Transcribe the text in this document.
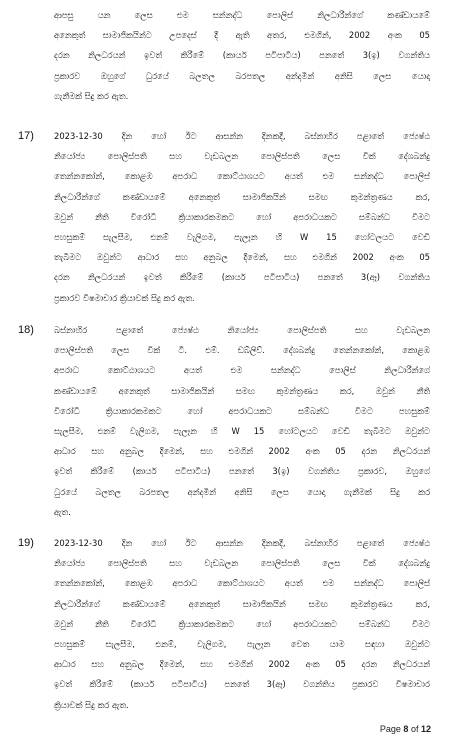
ආපසු යන ලෙස එම සන්නද්ධ පොලිස් නිලධාරීන්ගේ කණ්ඩායමේ
අනෙකුත් සාමාජිකයින්ට උපදෙස් දී ඇති අතර, එමගින්, 2002 අංක 05
දරන නිලධරයන් ඉවත් කිරීමේ (කාර්ය පටිපාටිය) පනතේ 3(ඉ) වගන්තිය
ප්‍රකාරව ඔහුගේ ධුරයේ බලතල බරපතල අන්දමින් අනිසි ලෙස යොදා
ගැනීමක් සිදු කර ඇත.
17) 2023-12-30 දින හෝ ඊට ආසන්න දිනකදී, බස්නාහිර පළාතේ ජ්‍යෙෂ්ඨ
නියෝජ්‍ය පොලිස්පති සහ වැඩබලන පොලිස්පති ලෙස වික් දේශබන්දු
තෙන්නකෝන්, කොළඹ අපරාධ කොට්ඨාශයට අයත් එම සන්නද්ධ පොලිස්
නිලධාරීන්ගේ කණ්ඩායමේ අනෙකුත් සාමාජිකයින් සමඟ කුමන්ත්‍රණය කර,
ඔවුන් නීති විරෝධී ක්‍රියාකාරකමකට හෝ අපරාධයකට සම්බන්ධ වීමට
පහසුකම් සැලසීම, එනම් වැලිගම, පැලෑන හි W 15 හෝටලයට වෙඩි
තැබීමට ඔවුන්ට ආධාර සහ අනුබල දීමෙන්, සහ එමගින් 2002 අංක 05
දරන නිලධරයන් ඉවත් කිරීමේ (කාර්ය පටිපාටිය) පනතේ 3(ඈ) වගන්තිය
ප්‍රකාරව විෂමාචාර ක්‍රියාවක් සිදු කර ඇත.
18) බස්නාහිර පළාතේ ජ්‍යෙෂ්ඨ නියෝජ්‍ය පොලිස්පති සහ වැඩබලන
පොලිස්පති ලෙස වික් ටී. එම්. ඩබ්ලිව්. දේශබන්දු තෙන්නකෝන්, කොළඹ
අපරාධ කොට්ඨාශයට අයත් එම සන්නද්ධ පොලිස් නිලධාරීන්ගේ
කණ්ඩායමේ අනෙකුත් සාමාජිකයින් සමඟ කුමන්ත්‍රණය කර, ඔවුන් නීති
විරෝධී ක්‍රියාකාරකමකට හෝ අපරාධයකට සම්බන්ධ වීමට පහසුකම්
සැලසීම, එනම් වැලිගම, පැලෑන හි W 15 හෝටලයට වෙඩි තැබීමට ඔවුන්ට
ආධාර සහ අනුබල දීමෙන්, සහ එමගින් 2002 අංක 05 දරන නිලධරයන්
ඉවත් කිරීමේ (කාර්ය පටිපාටිය) පනතේ 3(ඉ) වගන්තිය ප්‍රකාරව, ඔහුගේ
ධුරයේ බලතල බරපතල අන්දමින් අනිසි ලෙස යොදා ගැනීමක් සිදු කර
ඇත.
19) 2023-12-30 දින හෝ ඊට ආසන්න දිනකදී, බස්නාහිර පළාතේ ජ්‍යෙෂ්ඨ
නියෝජ්‍ය පොලිස්පති සහ වැඩබලන පොලිස්පති ලෙස වික් දේශබන්දු
තෙන්නකෝන්, කොළඹ අපරාධ කොට්ඨාශයට අයත් එම සන්නද්ධ පොලිස්
නිලධාරීන්ගේ කණ්ඩායමේ අනෙකුත් සාමාජිකයින් සමඟ කුමන්ත්‍රණය කර,
ඔවුන් නීති විරෝධී ක්‍රියාකාරකමකට හෝ අපරාධයකට සම්බන්ධ වීමට
පහසුකම් සැලසීම, එනම්, වැලිගම, පැලෑන වෙත යාම සඳහා ඔවුන්ට
ආධාර සහ අනුබල දීමෙන්, සහ එමගින් 2002 අංක 05 දරන නිලධරයන්
ඉවත් කිරීමේ (කාර්ය පටිපාටිය) පනතේ 3(ඈ) වගන්තිය ප්‍රකාරව විෂමාචාර
ක්‍රියාවක් සිදු කර ඇත.
Page 8 of 12
